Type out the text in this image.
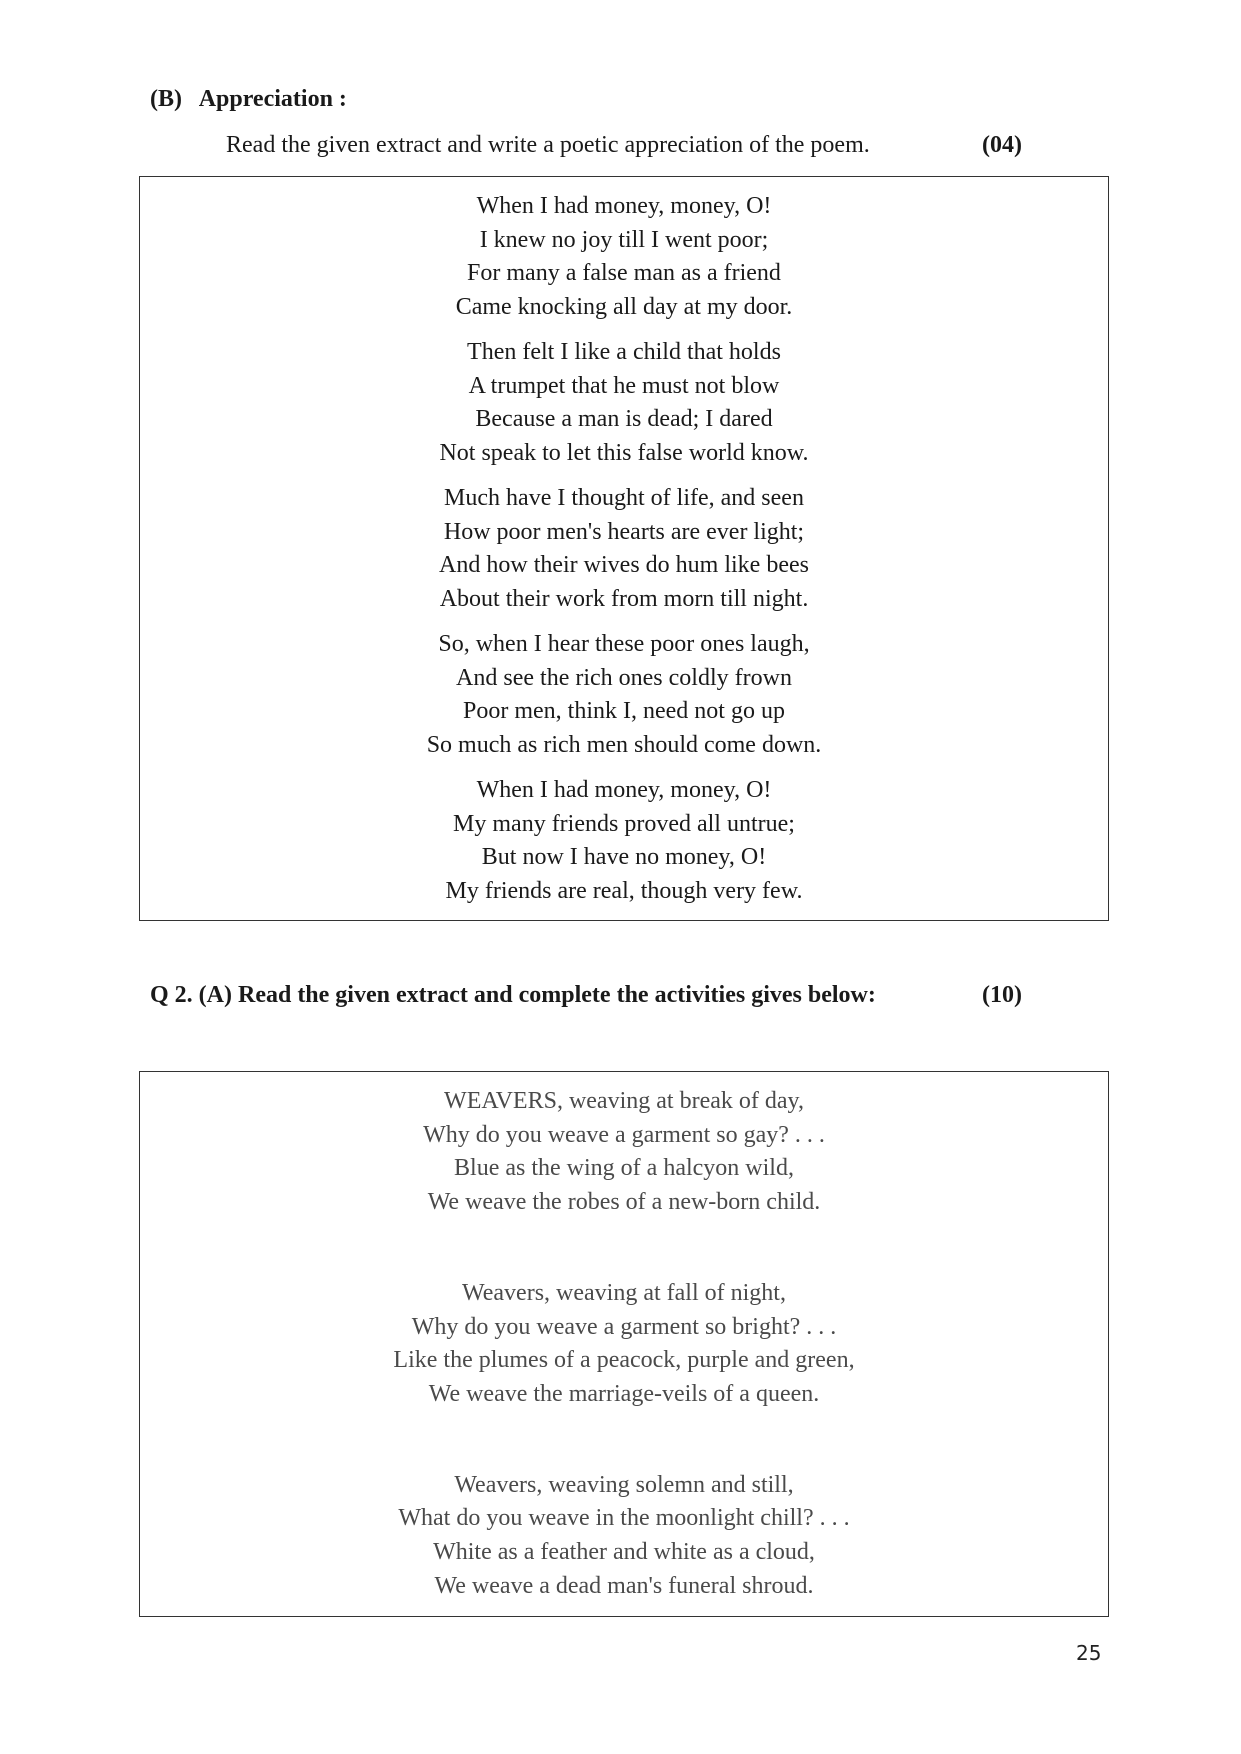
(B) Appreciation :
Read the given extract and write a poetic appreciation of the poem.	(04)
When I had money, money, O!
I knew no joy till I went poor;
For many a false man as a friend
Came knocking all day at my door.
Then felt I like a child that holds
A trumpet that he must not blow
Because a man is dead; I dared
Not speak to let this false world know.
Much have I thought of life, and seen
How poor men's hearts are ever light;
And how their wives do hum like bees
About their work from morn till night.
So, when I hear these poor ones laugh,
And see the rich ones coldly frown
Poor men, think I, need not go up
So much as rich men should come down.
When I had money, money, O!
My many friends proved all untrue;
But now I have no money, O!
My friends are real, though very few.
Q 2. (A) Read the given extract and complete the activities gives below:	(10)
WEAVERS, weaving at break of day,
Why do you weave a garment so gay? . . .
Blue as the wing of a halcyon wild,
We weave the robes of a new-born child.
Weavers, weaving at fall of night,
Why do you weave a garment so bright? . . .
Like the plumes of a peacock, purple and green,
We weave the marriage-veils of a queen.
Weavers, weaving solemn and still,
What do you weave in the moonlight chill? . . .
White as a feather and white as a cloud,
We weave a dead man's funeral shroud.
25
